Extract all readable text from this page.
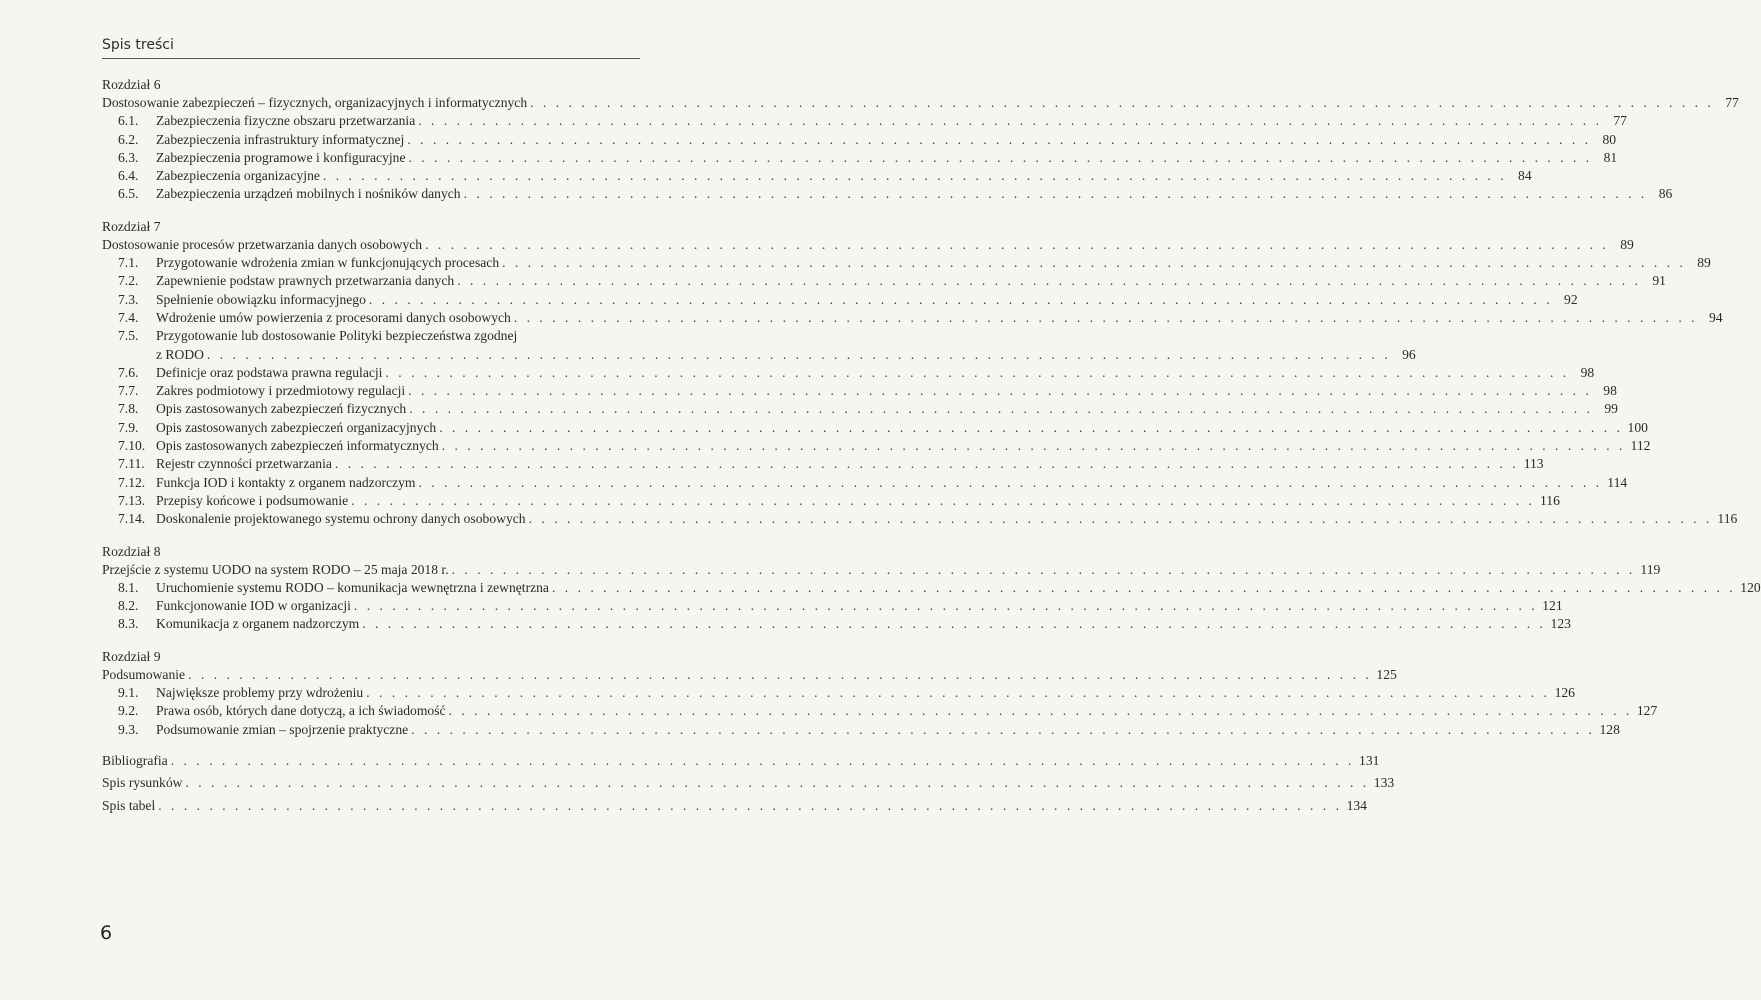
Spis treści
Rozdział 6
Dostosowanie zabezpieczeń – fizycznych, organizacyjnych i informatycznych . . .	77
6.1.	Zabezpieczenia fizyczne obszaru przetwarzania . . .	77
6.2.	Zabezpieczenia infrastruktury informatycznej . . .	80
6.3.	Zabezpieczenia programowe i konfiguracyjne . . .	81
6.4.	Zabezpieczenia organizacyjne . . .	84
6.5.	Zabezpieczenia urządzeń mobilnych i nośników danych . . .	86
Rozdział 7
Dostosowanie procesów przetwarzania danych osobowych . . .	89
7.1.	Przygotowanie wdrożenia zmian w funkcjonujących procesach . . .	89
7.2.	Zapewnienie podstaw prawnych przetwarzania danych . . .	91
7.3.	Spełnienie obowiązku informacyjnego . . .	92
7.4.	Wdrożenie umów powierzenia z procesorami danych osobowych . . .	94
7.5.	Przygotowanie lub dostosowanie Polityki bezpieczeństwa zgodnej
z RODO . . .	96
7.6.	Definicje oraz podstawa prawna regulacji . . .	98
7.7.	Zakres podmiotowy i przedmiotowy regulacji . . .	98
7.8.	Opis zastosowanych zabezpieczeń fizycznych . . .	99
7.9.	Opis zastosowanych zabezpieczeń organizacyjnych . . .	100
7.10. Opis zastosowanych zabezpieczeń informatycznych . . .	112
7.11. Rejestr czynności przetwarzania . . .	113
7.12. Funkcja IOD i kontakty z organem nadzorczym . . .	114
7.13. Przepisy końcowe i podsumowanie . . .	116
7.14. Doskonalenie projektowanego systemu ochrony danych osobowych . . .	116
Rozdział 8
Przejście z systemu UODO na system RODO – 25 maja 2018 r. . . .	119
8.1.	Uruchomienie systemu RODO – komunikacja wewnętrzna i zewnętrzna . . .	120
8.2.	Funkcjonowanie IOD w organizacji . . .	121
8.3.	Komunikacja z organem nadzorczym . . .	123
Rozdział 9
Podsumowanie . . .	125
9.1.	Największe problemy przy wdrożeniu . . .	126
9.2.	Prawa osób, których dane dotyczą, a ich świadomość . . .	127
9.3.	Podsumowanie zmian – spojrzenie praktyczne . . .	128
Bibliografia . . .	131
Spis rysunków . . .	133
Spis tabel . . .	134
6
